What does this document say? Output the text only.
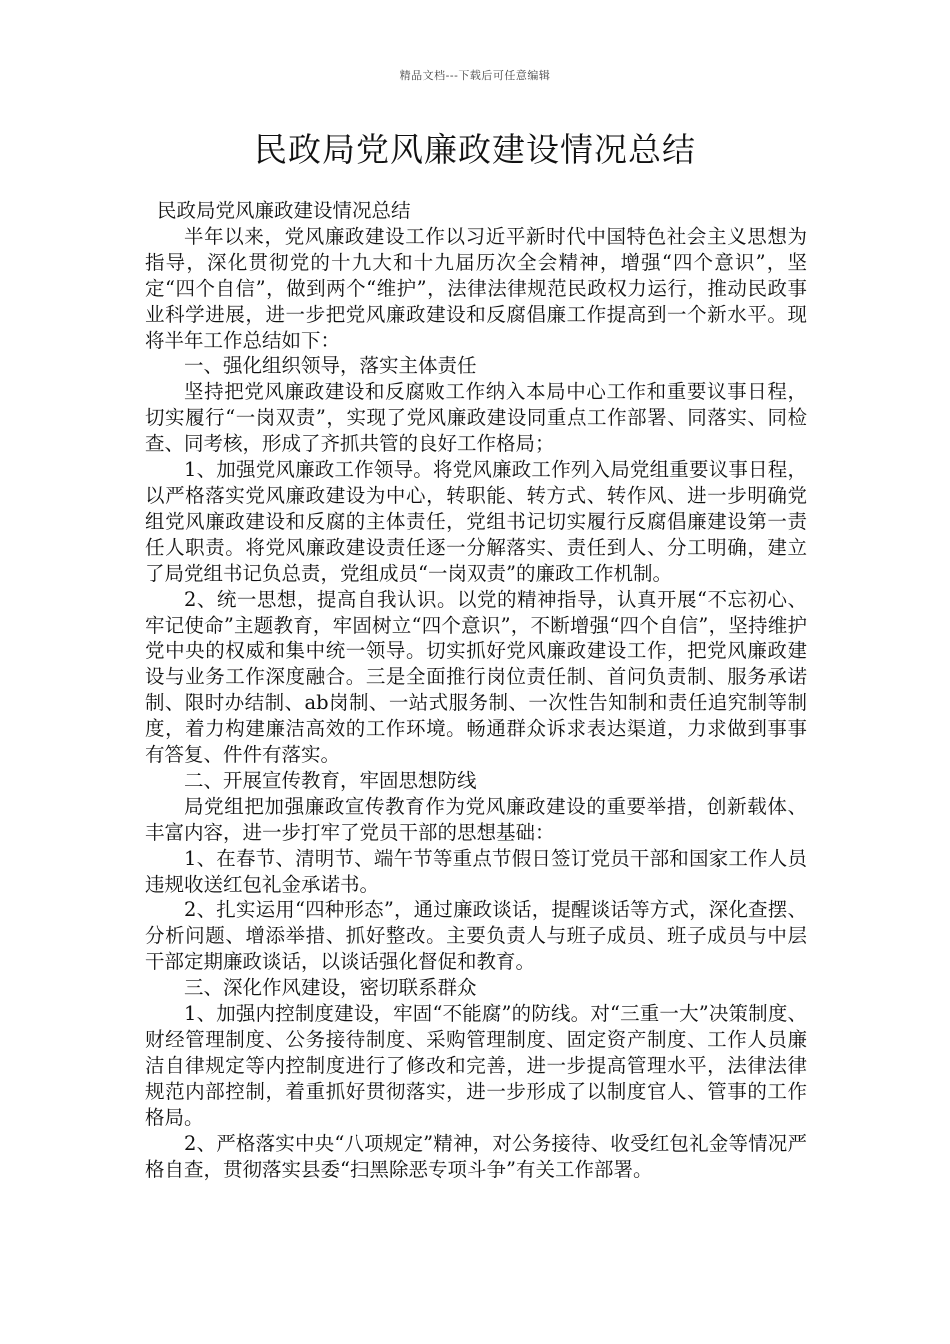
精品文档---下载后可任意编辑
民政局党风廉政建设情况总结

民政局党风廉政建设情况总结

半年以来，党风廉政建设工作以习近平新时代中国特色社会主义思想为指导，深化贯彻党的十九大和十九届历次全会精神，增强“四个意识”，坚定“四个自信”，做到两个“维护”，法律法律规范民政权力运行，推动民政事业科学进展，进一步把党风廉政建设和反腐倡廉工作提高到一个新水平。现将半年工作总结如下：

一、强化组织领导，落实主体责任

坚持把党风廉政建设和反腐败工作纳入本局中心工作和重要议事日程，切实履行“一岗双责”，实现了党风廉政建设同重点工作部署、同落实、同检查、同考核，形成了齐抓共管的良好工作格局；

1、加强党风廉政工作领导。将党风廉政工作列入局党组重要议事日程，以严格落实党风廉政建设为中心，转职能、转方式、转作风、进一步明确党组党风廉政建设和反腐的主体责任，党组书记切实履行反腐倡廉建设第一责任人职责。将党风廉政建设责任逐一分解落实、责任到人、分工明确，建立了局党组书记负总责，党组成员“一岗双责”的廉政工作机制。

2、统一思想，提高自我认识。以党的精神指导，认真开展“不忘初心、牢记使命”主题教育，牢固树立“四个意识”，不断增强“四个自信”，坚持维护党中央的权威和集中统一领导。切实抓好党风廉政建设工作，把党风廉政建设与业务工作深度融合。三是全面推行岗位责任制、首问负责制、服务承诺制、限时办结制、ab岗制、一站式服务制、一次性告知制和责任追究制等制度，着力构建廉洁高效的工作环境。畅通群众诉求表达渠道，力求做到事事有答复、件件有落实。

二、开展宣传教育，牢固思想防线

局党组把加强廉政宣传教育作为党风廉政建设的重要举措，创新载体、丰富内容，进一步打牢了党员干部的思想基础：

1、在春节、清明节、端午节等重点节假日签订党员干部和国家工作人员违规收送红包礼金承诺书。

2、扎实运用“四种形态”，通过廉政谈话，提醒谈话等方式，深化查摆、分析问题、增添举措、抓好整改。主要负责人与班子成员、班子成员与中层干部定期廉政谈话，以谈话强化督促和教育。

三、深化作风建设，密切联系群众

1、加强内控制度建设，牢固“不能腐”的防线。对“三重一大”决策制度、财经管理制度、公务接待制度、采购管理制度、固定资产制度、工作人员廉洁自律规定等内控制度进行了修改和完善，进一步提高管理水平，法律法律规范内部控制，着重抓好贯彻落实，进一步形成了以制度官人、管事的工作格局。

2、严格落实中央“八项规定”精神，对公务接待、收受红包礼金等情况严格自查，贯彻落实县委“扫黑除恶专项斗争”有关工作部署。
